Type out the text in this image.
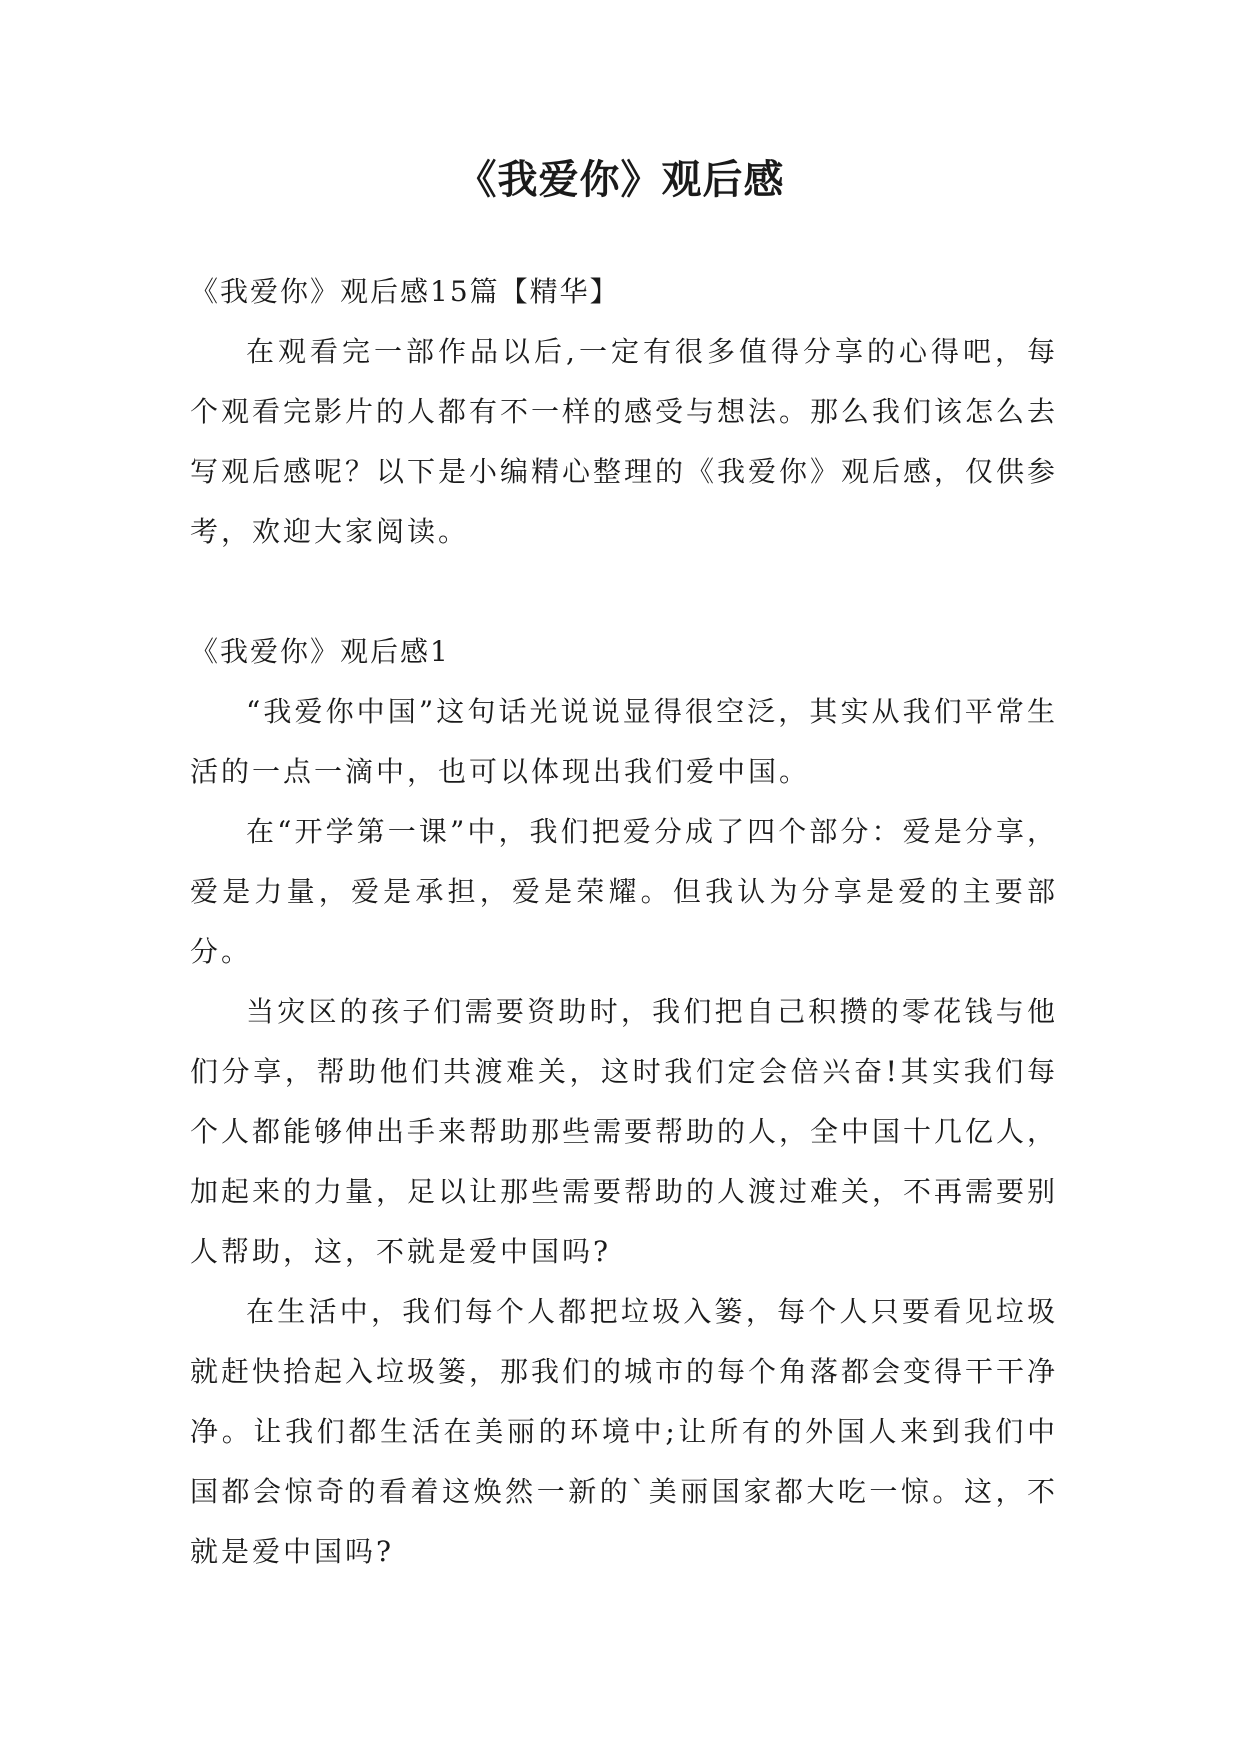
《我爱你》观后感

《我爱你》观后感15篇【精华】

在观看完一部作品以后,一定有很多值得分享的心得吧，每个观看完影片的人都有不一样的感受与想法。那么我们该怎么去写观后感呢？以下是小编精心整理的《我爱你》观后感，仅供参考，欢迎大家阅读。

《我爱你》观后感1

“我爱你中国”这句话光说说显得很空泛，其实从我们平常生活的一点一滴中，也可以体现出我们爱中国。

在“开学第一课”中，我们把爱分成了四个部分：爱是分享，爱是力量，爱是承担，爱是荣耀。但我认为分享是爱的主要部分。

当灾区的孩子们需要资助时，我们把自己积攒的零花钱与他们分享，帮助他们共渡难关，这时我们定会倍兴奋!其实我们每个人都能够伸出手来帮助那些需要帮助的人，全中国十几亿人，加起来的力量，足以让那些需要帮助的人渡过难关，不再需要别人帮助，这，不就是爱中国吗?

在生活中，我们每个人都把垃圾入篓，每个人只要看见垃圾就赶快拾起入垃圾篓，那我们的城市的每个角落都会变得干干净净。让我们都生活在美丽的环境中;让所有的外国人来到我们中国都会惊奇的看着这焕然一新的`美丽国家都大吃一惊。这，不就是爱中国吗?
